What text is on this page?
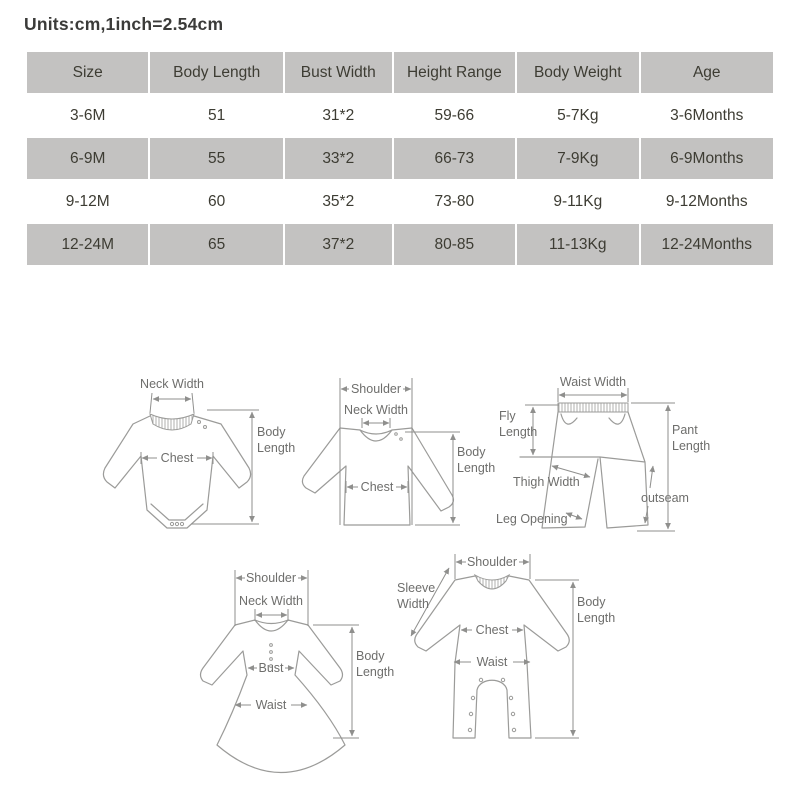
Units:cm,1inch=2.54cm
Size	Body Length	Bust Width	Height Range	Body Weight	Age
3-6M	51	31*2	59-66	5-7Kg	3-6Months
6-9M	55	33*2	66-73	7-9Kg	6-9Months
9-12M	60	35*2	73-80	9-11Kg	9-12Months
12-24M	65	37*2	80-85	11-13Kg	12-24Months
Neck Width
Chest
Body Length
Shoulder
Neck Width
Chest
Body Length
Waist Width
Fly Length
Thigh Width
Leg Opening
outseam
Pant Length
Shoulder
Neck Width
Bust
Waist
Body Length
Shoulder
Sleeve Width
Chest
Waist
Body Length
